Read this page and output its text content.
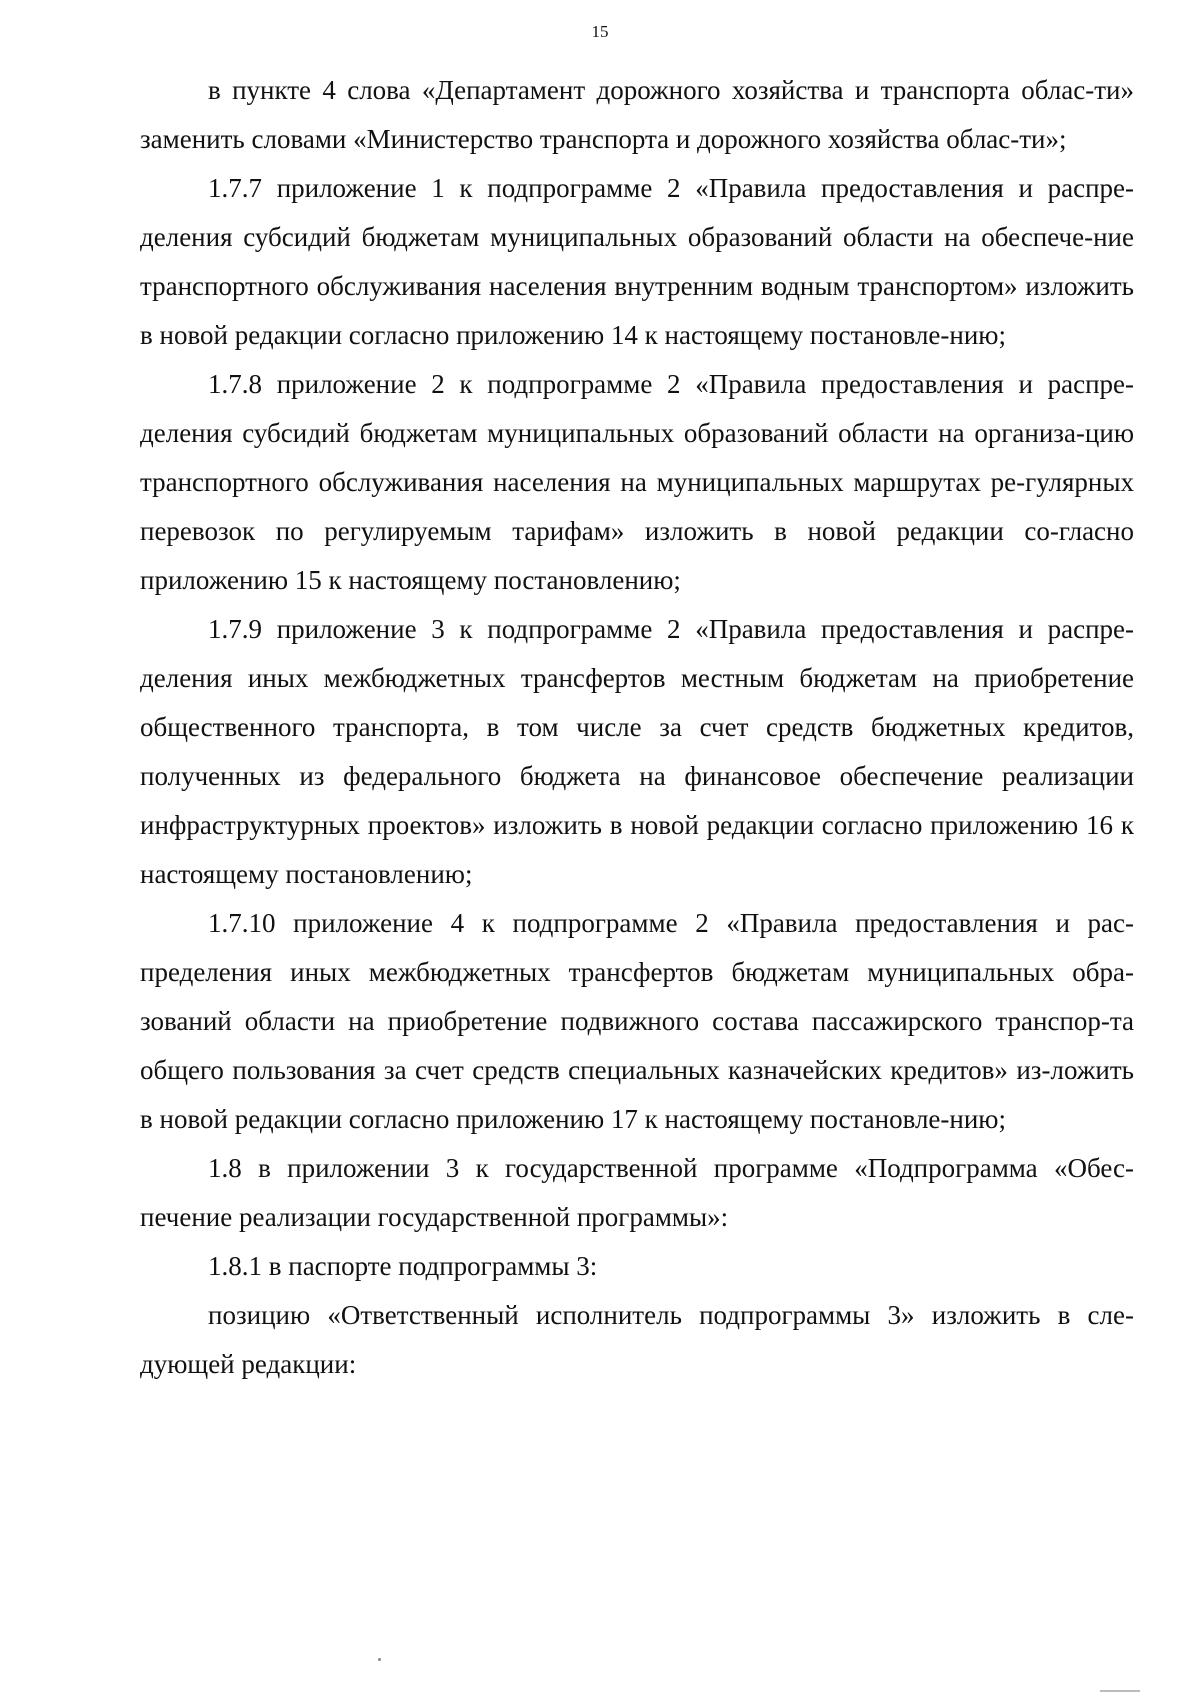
15

в пункте 4 слова «Департамент дорожного хозяйства и транспорта облас-ти» заменить словами «Министерство транспорта и дорожного хозяйства облас-ти»;

1.7.7 приложение 1 к подпрограмме 2 «Правила предоставления и распре-деления субсидий бюджетам муниципальных образований области на обеспече-ние транспортного обслуживания населения внутренним водным транспортом» изложить в новой редакции согласно приложению 14 к настоящему постановле-нию;

1.7.8 приложение 2 к подпрограмме 2 «Правила предоставления и распре-деления субсидий бюджетам муниципальных образований области на организа-цию транспортного обслуживания населения на муниципальных маршрутах ре-гулярных перевозок по регулируемым тарифам» изложить в новой редакции со-гласно приложению 15 к настоящему постановлению;

1.7.9 приложение 3 к подпрограмме 2 «Правила предоставления и распре-деления иных межбюджетных трансфертов местным бюджетам на приобретение общественного транспорта, в том числе за счет средств бюджетных кредитов, полученных из федерального бюджета на финансовое обеспечение реализации инфраструктурных проектов» изложить в новой редакции согласно приложению 16 к настоящему постановлению;

1.7.10 приложение 4 к подпрограмме 2 «Правила предоставления и рас-пределения иных межбюджетных трансфертов бюджетам муниципальных обра-зований области на приобретение подвижного состава пассажирского транспор-та общего пользования за счет средств специальных казначейских кредитов» из-ложить в новой редакции согласно приложению 17 к настоящему постановле-нию;

1.8 в приложении 3 к государственной программе «Подпрограмма «Обес-печение реализации государственной программы»:

1.8.1 в паспорте подпрограммы 3:

позицию «Ответственный исполнитель подпрограммы 3» изложить в сле-дующей редакции:
